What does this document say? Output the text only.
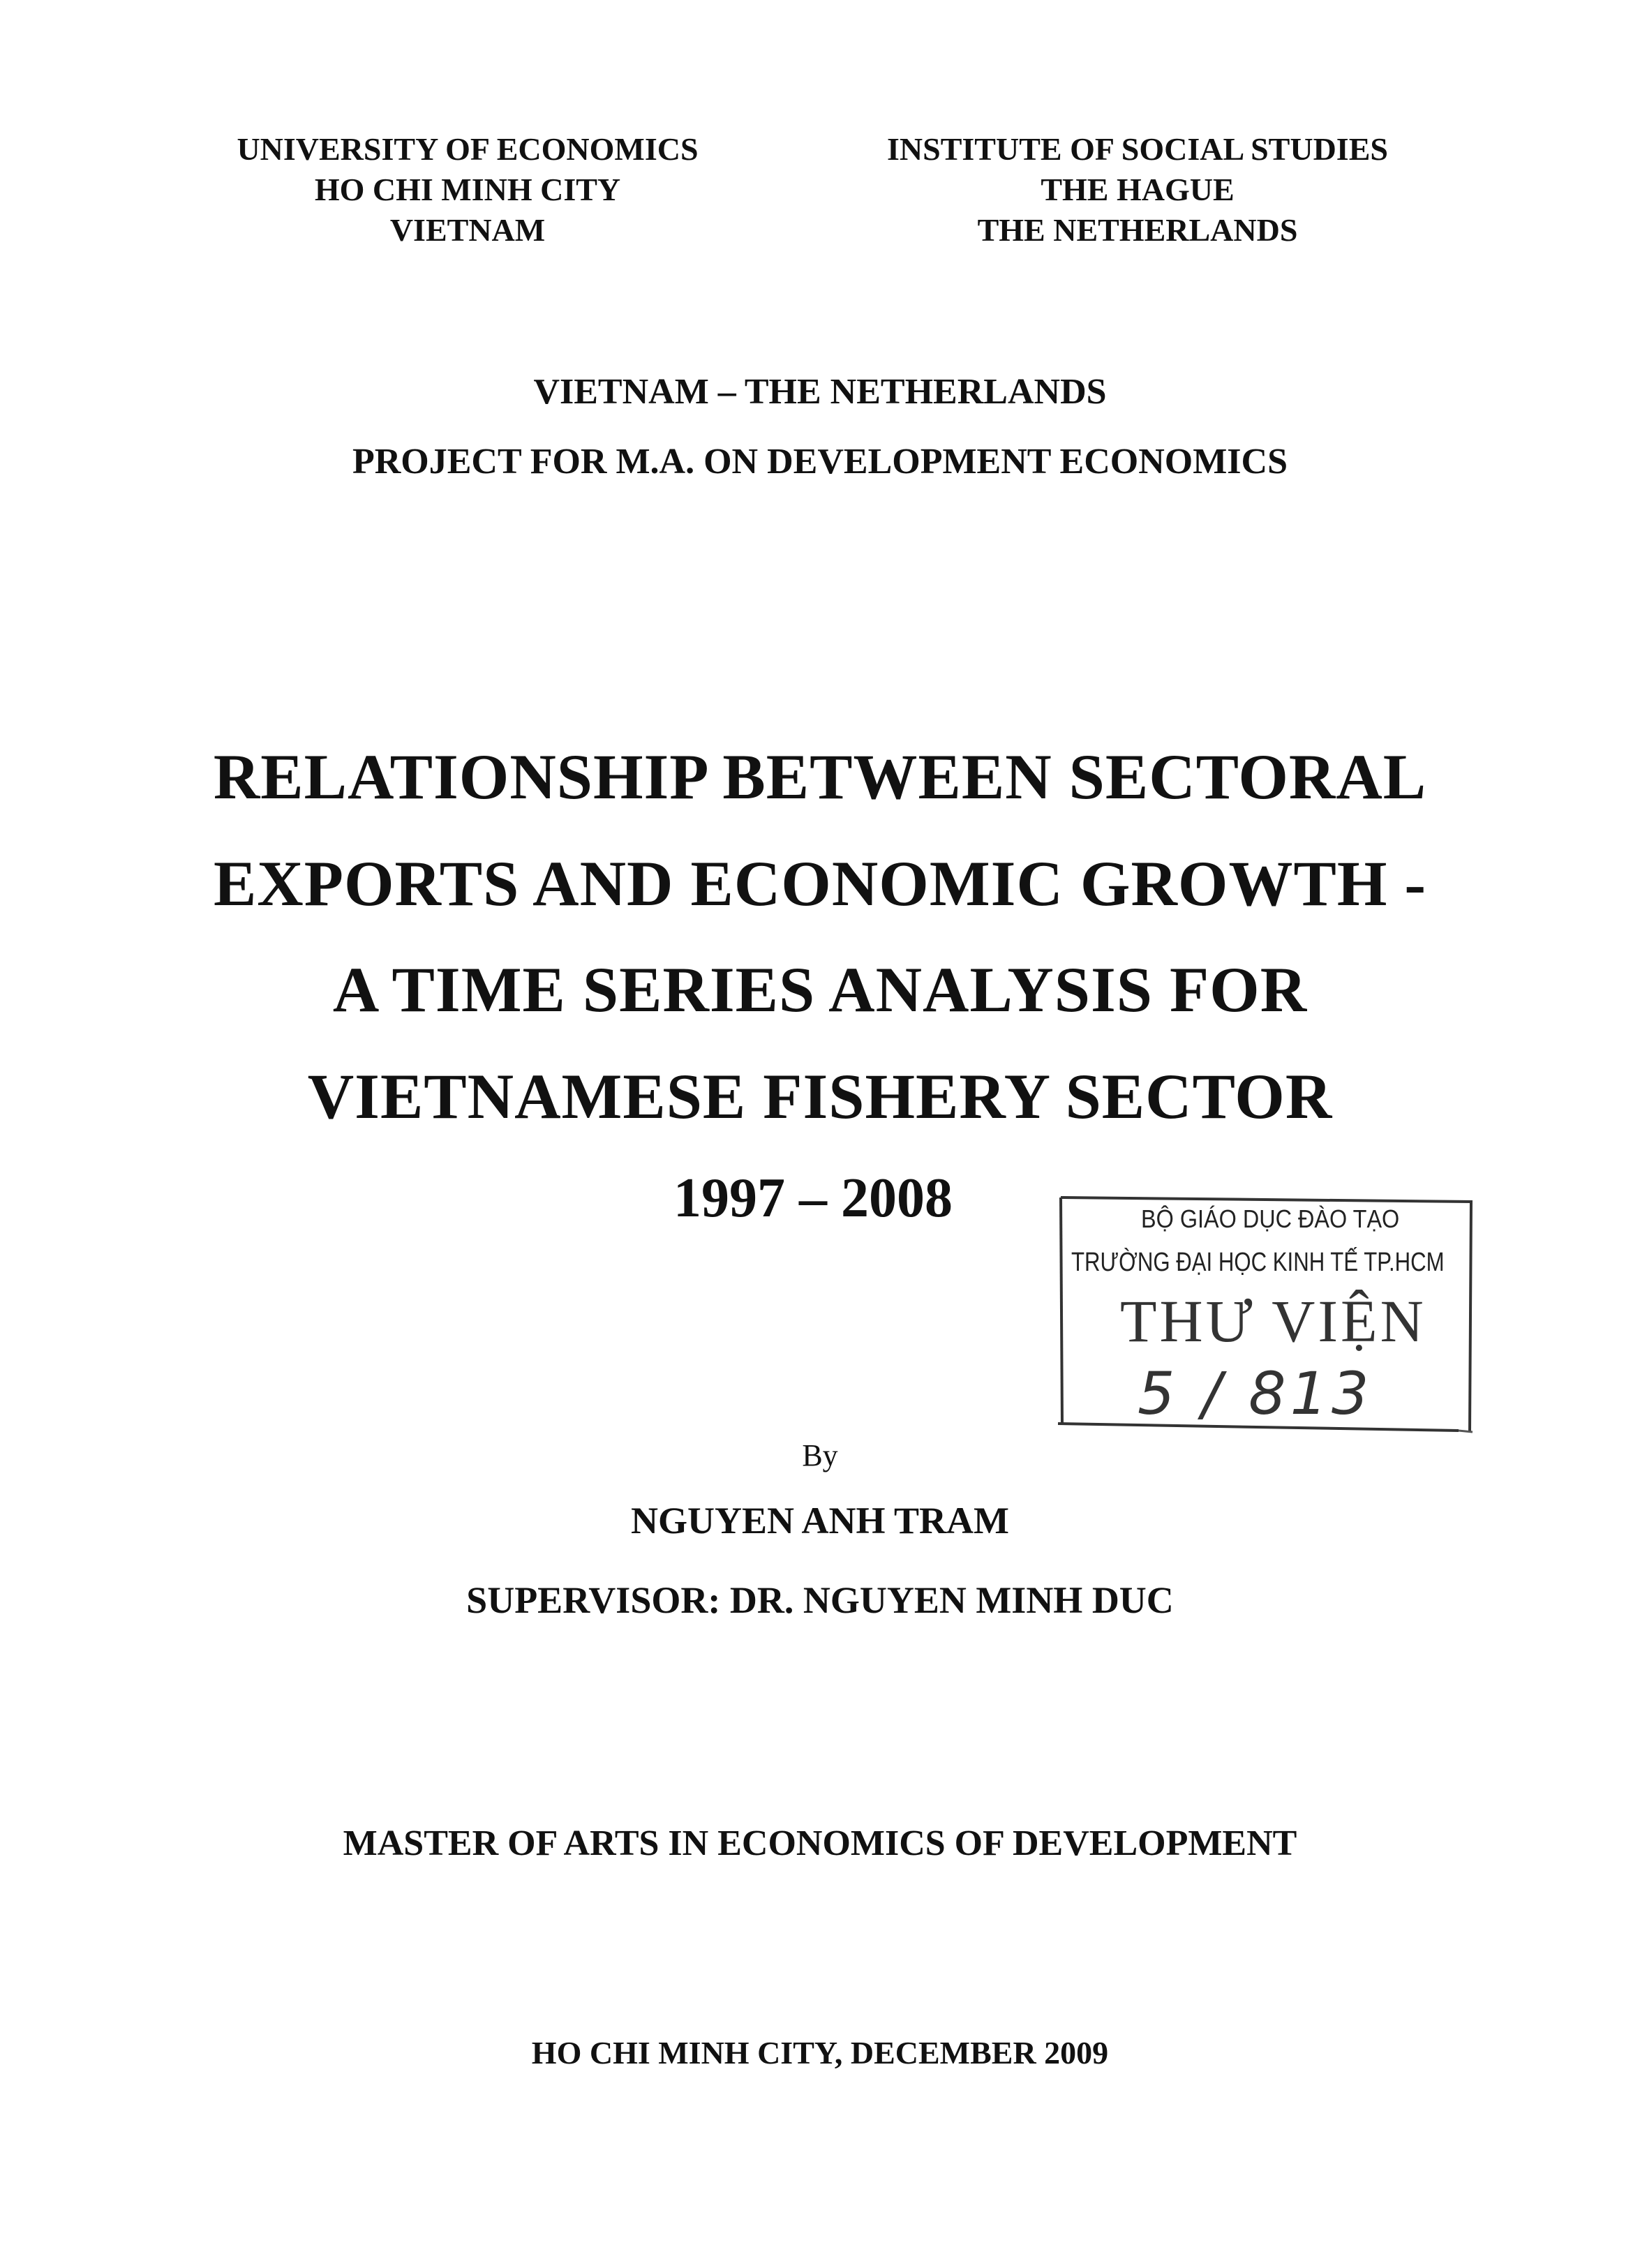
UNIVERSITY OF ECONOMICS
HO CHI MINH CITY
VIETNAM
INSTITUTE OF SOCIAL STUDIES
THE HAGUE
THE NETHERLANDS
VIETNAM – THE NETHERLANDS
PROJECT FOR M.A. ON DEVELOPMENT ECONOMICS
RELATIONSHIP BETWEEN SECTORAL
EXPORTS AND ECONOMIC GROWTH -
A TIME SERIES ANALYSIS FOR
VIETNAMESE FISHERY SECTOR
1997 – 2008	BỘ GIÁO DỤC ĐÀO TẠO
TRƯỜNG ĐẠI HỌC KINH TẾ TP.HCM
THƯ VIỆN
5 / 813
By
NGUYEN ANH TRAM
SUPERVISOR: DR. NGUYEN MINH DUC
MASTER OF ARTS IN ECONOMICS OF DEVELOPMENT
HO CHI MINH CITY, DECEMBER 2009
